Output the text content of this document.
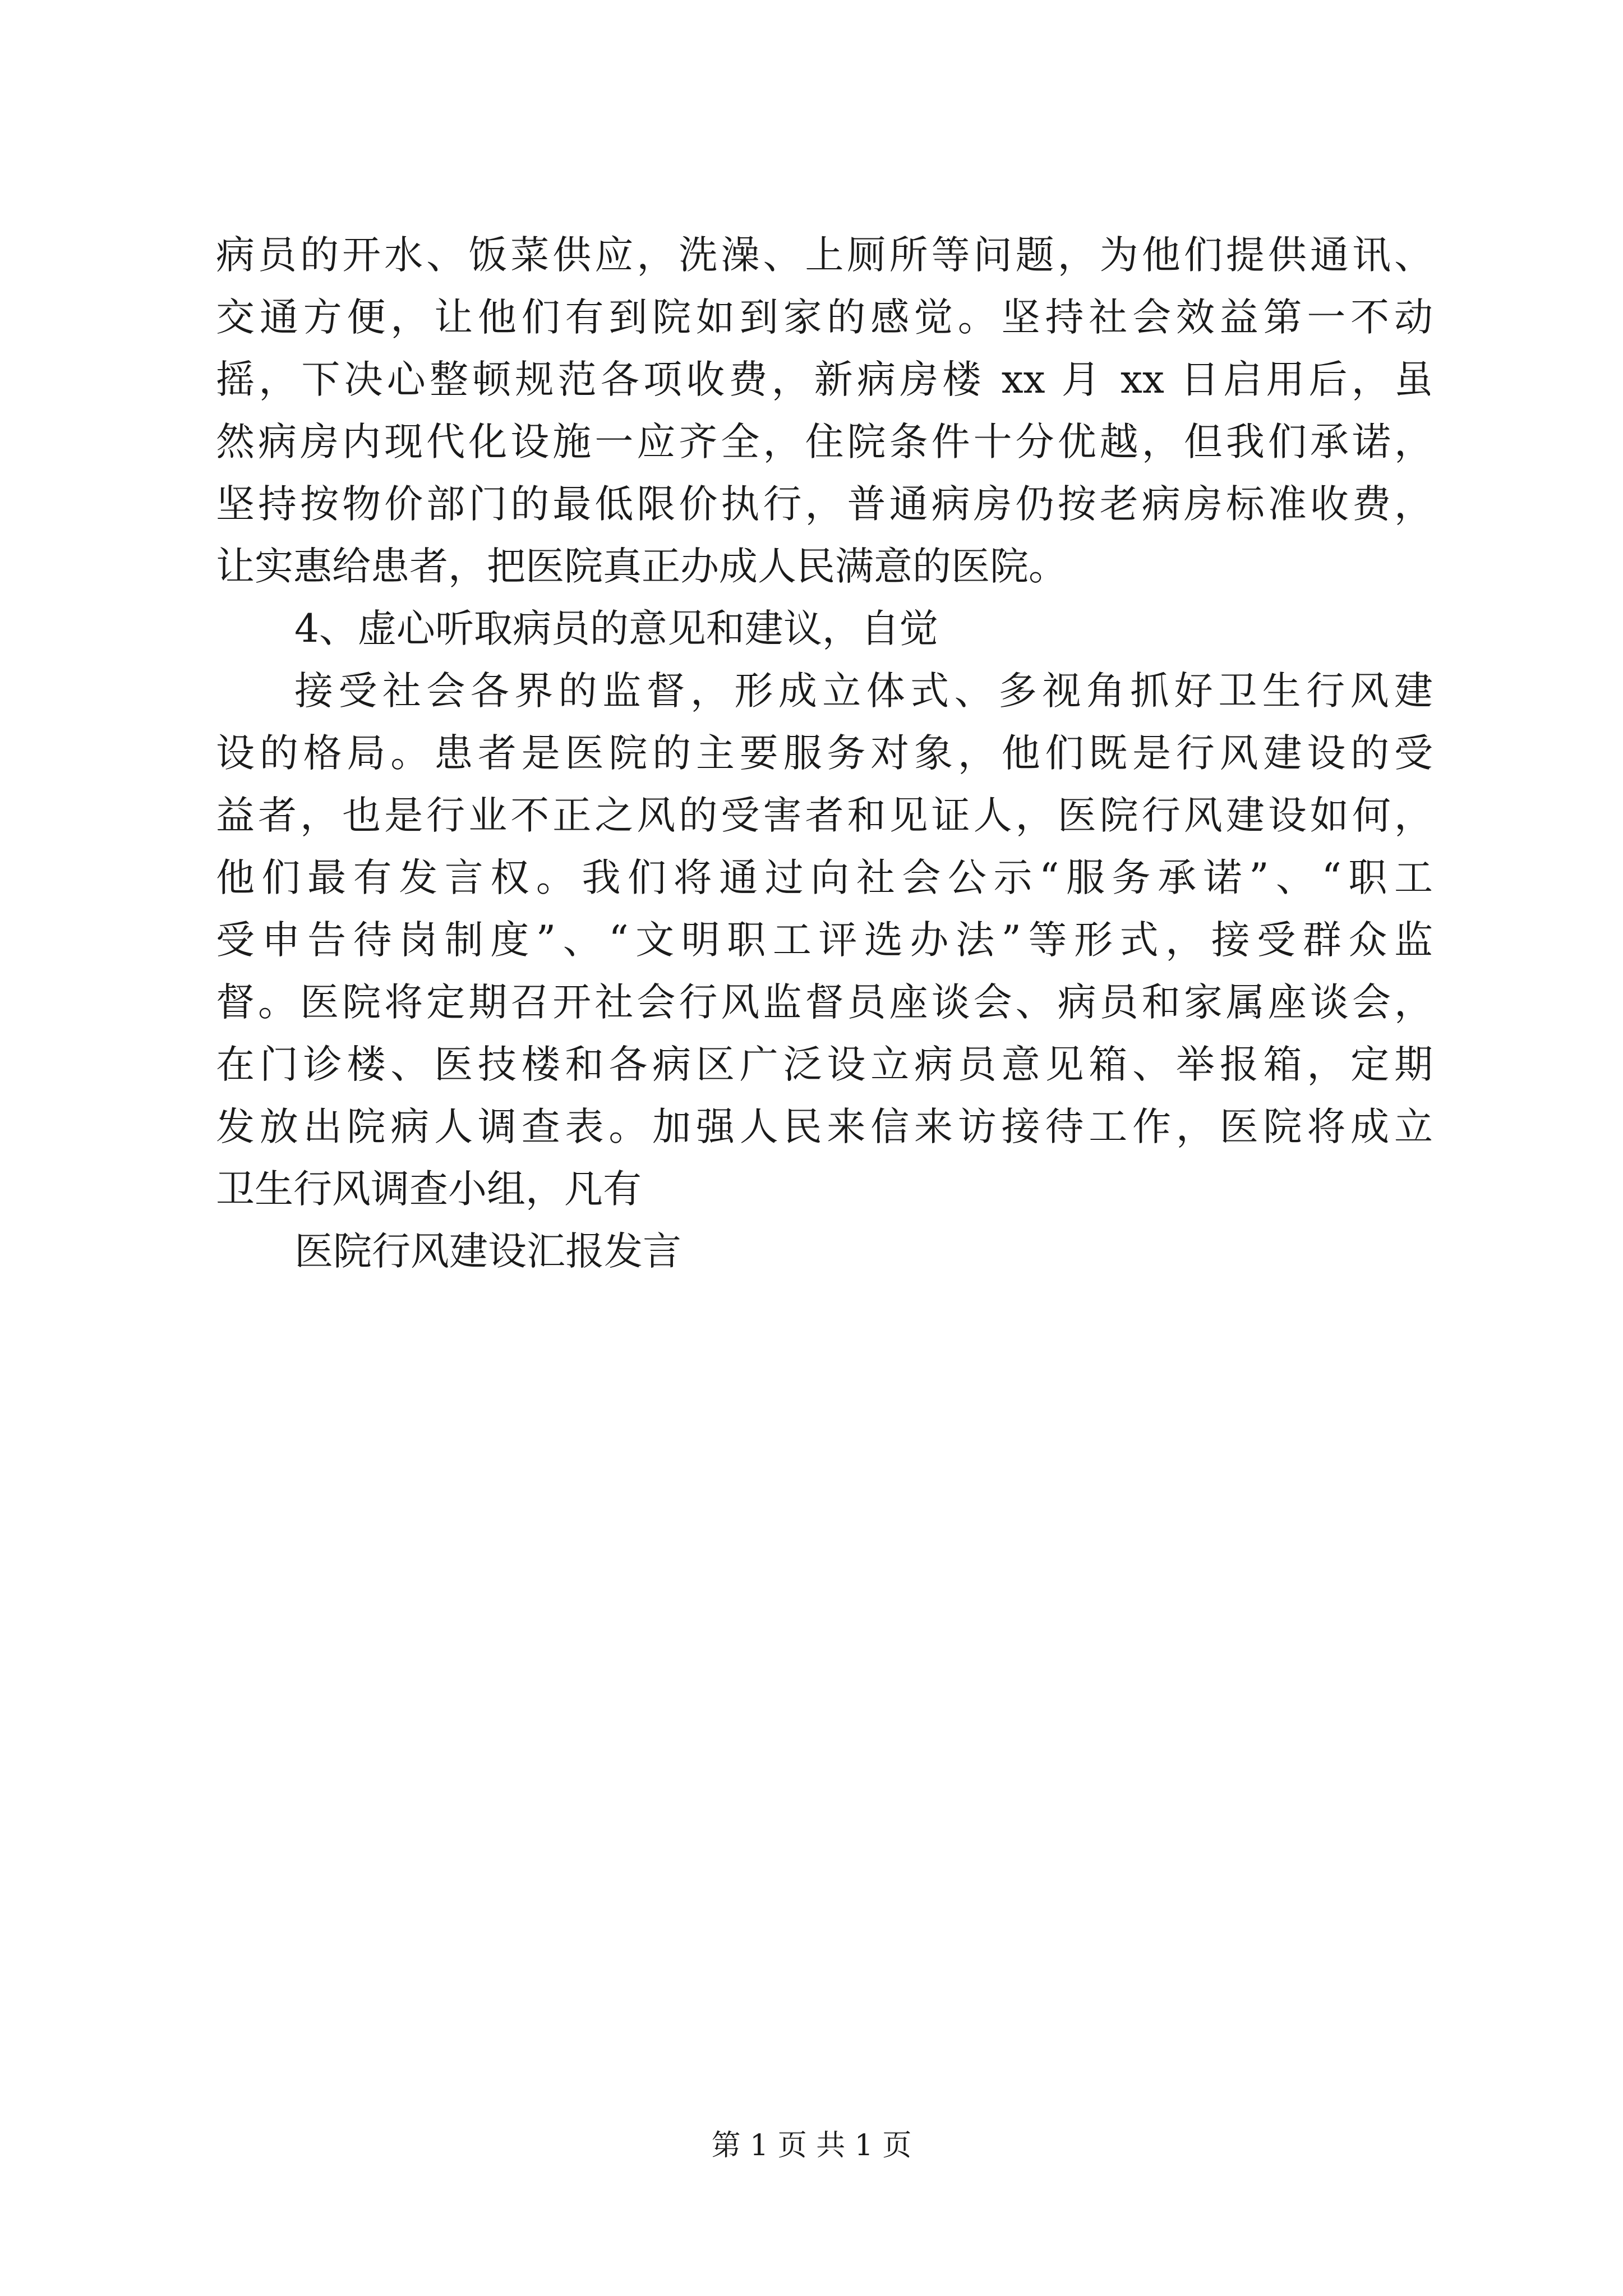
病员的开水、饭菜供应，洗澡、上厕所等问题，为他们提供通讯、
交通方便，让他们有到院如到家的感觉。坚持社会效益第一不动
摇，下决心整顿规范各项收费，新病房楼 xx 月 xx 日启用后，虽
然病房内现代化设施一应齐全，住院条件十分优越，但我们承诺，
坚持按物价部门的最低限价执行，普通病房仍按老病房标准收费，
让实惠给患者，把医院真正办成人民满意的医院。
4、虚心听取病员的意见和建议，自觉
接受社会各界的监督，形成立体式、多视角抓好卫生行风建
设的格局。患者是医院的主要服务对象，他们既是行风建设的受
益者，也是行业不正之风的受害者和见证人，医院行风建设如何，
他们最有发言权。我们将通过向社会公示“服务承诺”、“职工
受申告待岗制度”、“文明职工评选办法”等形式，接受群众监
督。医院将定期召开社会行风监督员座谈会、病员和家属座谈会，
在门诊楼、医技楼和各病区广泛设立病员意见箱、举报箱，定期
发放出院病人调查表。加强人民来信来访接待工作，医院将成立
卫生行风调查小组，凡有
医院行风建设汇报发言
第 1 页 共 1 页
